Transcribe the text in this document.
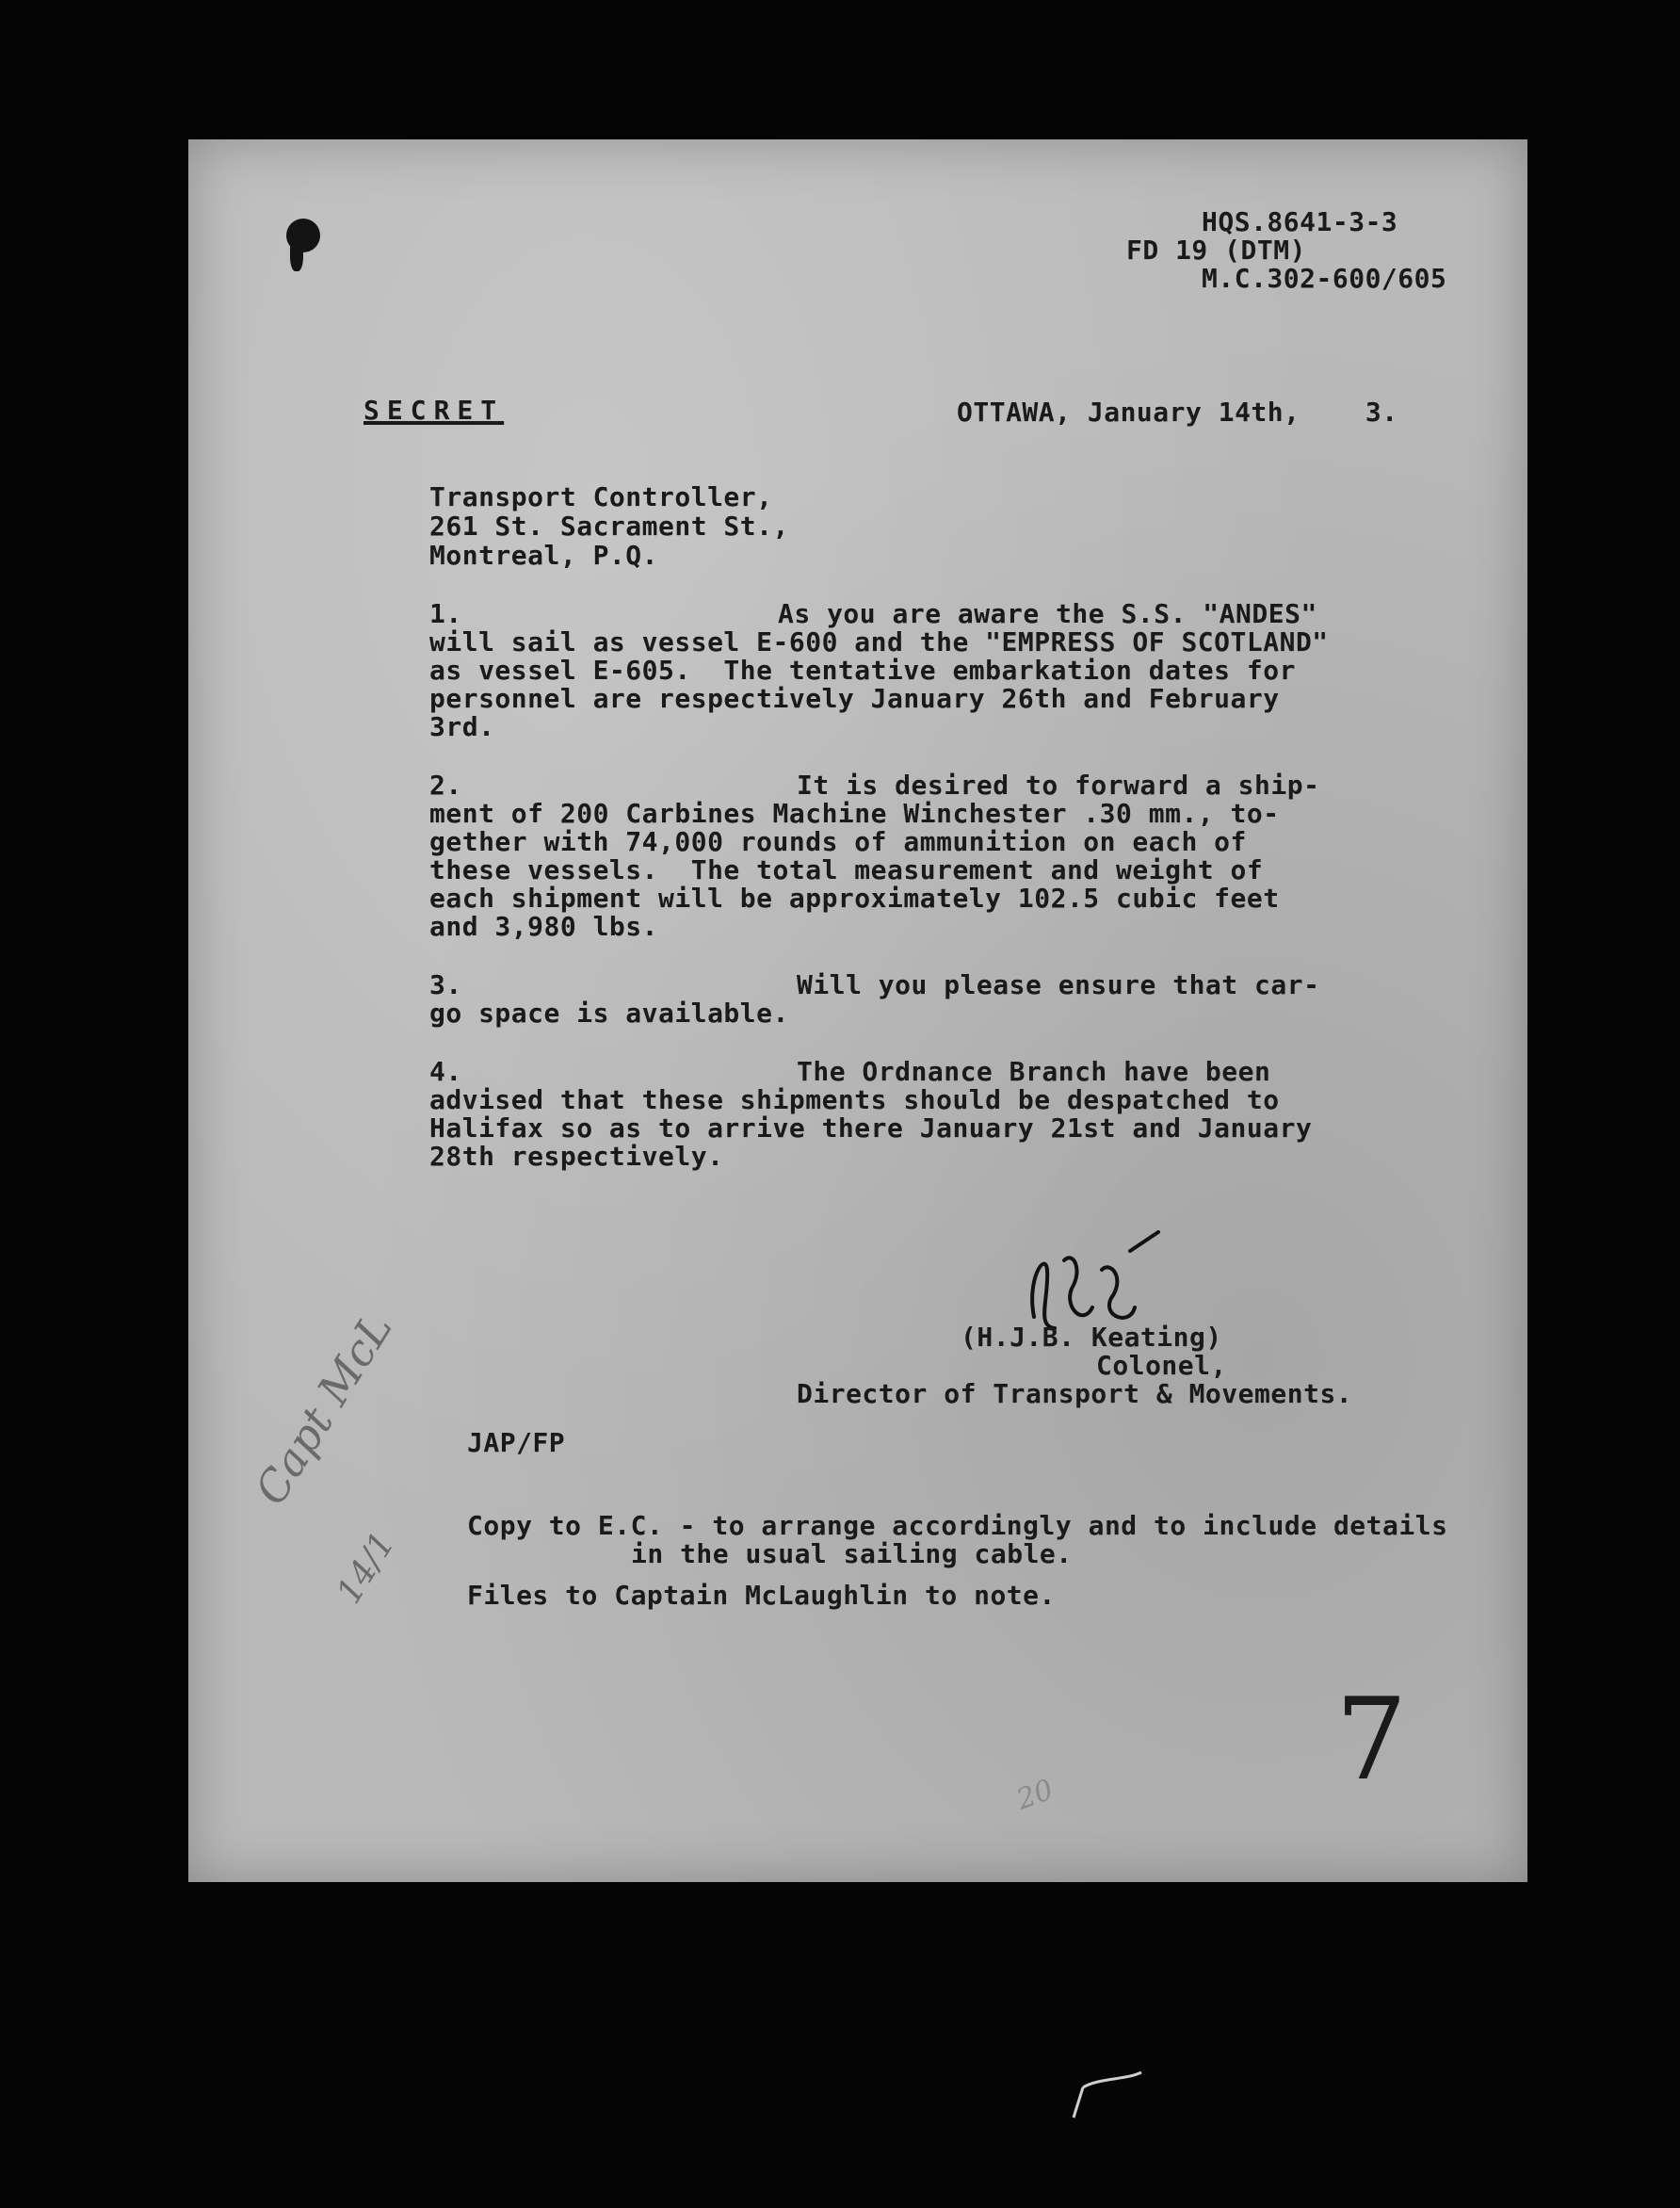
HQS.8641-3-3
FD 19 (DTM)
M.C.302-600/605
SECRET	OTTAWA, January 14th,    3.
Transport Controller,
261 St. Sacrament St.,
Montreal, P.Q.
1.	As you are aware the S.S. "ANDES"
will sail as vessel E-600 and the "EMPRESS OF SCOTLAND"
as vessel E-605.  The tentative embarkation dates for
personnel are respectively January 26th and February
3rd.
2.	It is desired to forward a ship-
ment of 200 Carbines Machine Winchester .30 mm., to-
gether with 74,000 rounds of ammunition on each of
these vessels.  The total measurement and weight of
each shipment will be approximately 102.5 cubic feet
and 3,980 lbs.
3.	Will you please ensure that car-
go space is available.
4.	The Ordnance Branch have been
advised that these shipments should be despatched to
Halifax so as to arrive there January 21st and January
28th respectively.
(H.J.B. Keating)
Colonel,
Director of Transport & Movements.
JAP/FP
Capt McL
14/1 Copy to E.C. - to arrange accordingly and to include details
in the usual sailing cable.
Files to Captain McLaughlin to note.
7
20
